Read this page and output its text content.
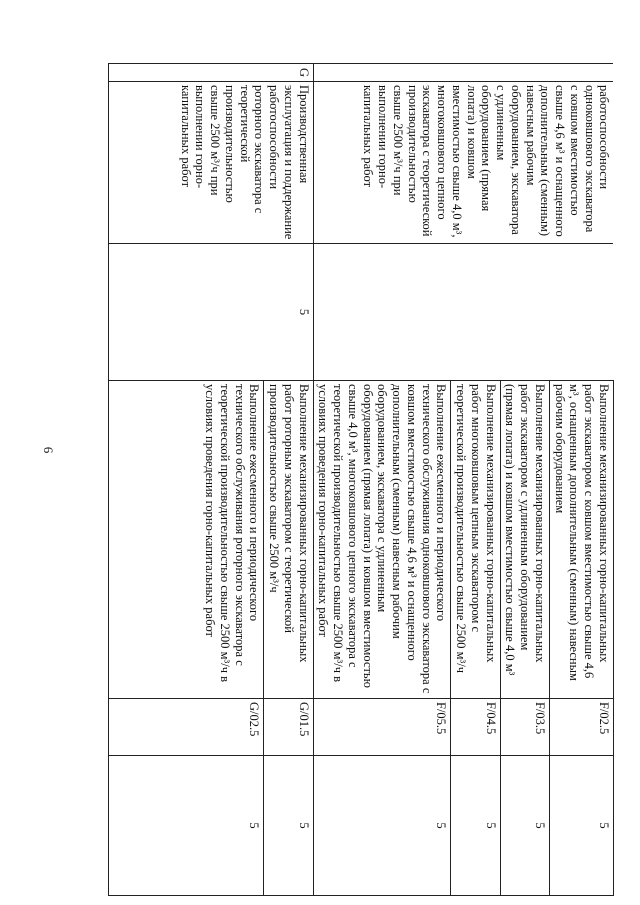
6
	работоспособности одноковшового экскаватора с ковшом вместимостью свыше 4,6 м³ и оснащенного дополнительным (сменным) навесным рабочим оборудованием, экскаватора с удлиненным оборудованием (прямая лопата) и ковшом вместимостью свыше 4,0 м³, многоковшового цепного экскаватора с теоретической производительностью свыше 2500 м³/ч при выполнении горно-капитальных работ		Выполнение механизированных горно-капитальных работ экскаватором с ковшом вместимостью свыше 4,6 м³, оснащенным дополнительным (сменным) навесным рабочим оборудованием	F/02.5	5
			Выполнение механизированных горно-капитальных работ экскаватором с удлиненным оборудованием (прямая лопата) и ковшом вместимостью свыше 4,0 м³	F/03.5	5
			Выполнение механизированных горно-капитальных работ многоковшовым цепным экскаватором с теоретической производительностью свыше 2500 м³/ч	F/04.5	5
			Выполнение ежесменного и периодического технического обслуживания одноковшового экскаватора с ковшом вместимостью свыше 4,6 м³ и оснащенного дополнительным (сменным) навесным рабочим оборудованием, экскаватора с удлиненным оборудованием (прямая лопата) и ковшом вместимостью свыше 4,0 м³, многоковшового цепного экскаватора с теоретической производительностью свыше 2500 м³/ч в условиях проведения горно-капитальных работ	F/05.5	5
G	Производственная эксплуатация и поддержание работоспособности роторного экскаватора с теоретической производительностью свыше 2500 м³/ч при выполнении горно-капитальных работ	5	Выполнение механизированных горно-капитальных работ роторным экскаватором с теоретической производительностью свыше 2500 м³/ч	G/01.5	5
			Выполнение ежесменного и периодического технического обслуживания роторного экскаватора с теоретической производительностью свыше 2500 м³/ч в условиях проведения горно-капитальных работ	G/02.5	5
